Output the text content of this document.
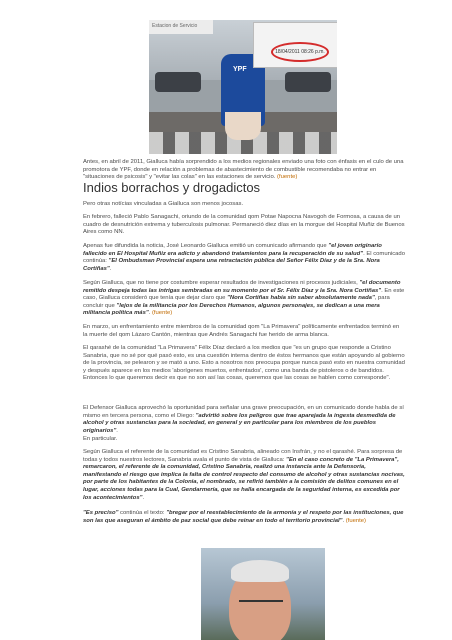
YPF
Estacion de Servicio
18/04/2011 08:26 p.m.

Antes, en abril de 2011, Gialluca había sorprendido a los medios regionales enviado una foto con énfasis en el culo de una promotora de YPF, donde en relación a problemas de abastecimiento de combustible recomendaba no entrar en "situaciones de psicosis" y "evitar las colas" en las estaciones de servicio. (fuente)

Indios borrachos y drogadictos

Pero otras notícias vinculadas a Gialluca son menos jocosas.

En febrero, falleció Pablo Sanagachi, oriundo de la comunidad qom Potae Napocna Navogoh de Formosa, a causa de un cuadro de desnutrición extrema y tuberculosis pulmonar. Permaneció diez días en la morgue del Hospital Muñiz de Buenos Aires como NN.

Apenas fue difundida la noticia, José Leonardo Gialluca emitió un comunicado afirmando que "el joven originario fallecido en El Hospital Muñiz era adicto y abandonó tratamientos para la recuperación de su salud". El comunicado continúa: "El Ombudsman Provincial espera una retractación pública del Señor Félix Díaz y de la Sra. Nora Cortiñas".

Según Gialluca, que no tiene por costumbre esperar resultados de investigaciones ni procesos judiciales, "el documento remitido despeja todas las intrigas sembradas en su momento por el Sr. Félix Díaz y la Sra. Nora Cortiñas". En este caso, Gialluca consideró que tenía que dejar claro que "Nora Cortiñas había sin saber absolutamente nada", para concluir que "lejos de la militancia por los Derechos Humanos, algunos personajes, se dedican a una mera militancia política más". (fuente)

En marzo, un enfrentamiento entre miembros de la comunidad qom "La Primavera" políticamente enfrentados terminó en la muerte del qom Lázaro Cantón, mientras que Andrés Sanagachi fue herido de arma blanca.

El qarashé de la comunidad "La Primavera" Félix Díaz declaró a los medios que "es un grupo que responde a Cristino Sanabria, que no sé por qué pasó esto, es una cuestión interna dentro de éstos hermanos que están apoyando al gobierno de la provincia, se pelearon y se mató a uno. Esto a nosotros nos preocupa porque nunca pasó esto en nuestra comunidad y después aparece en los medios 'aborígenes muertos, enfrentados', como una banda de pistoleros o de bandidos. Entonces lo que queremos decir es que no son así las cosas, queremos que las cosas se hablen como corresponde".

El Defensor Gialluca aprovechó la oportunidad para señalar una grave preocupación, en un comunicado donde habla de sí mismo en tercera persona, como el Diego: "advirtió sobre los peligros que trae aparejada la ingesta desmedida de alcohol y otras sustancias para la sociedad, en general y en particular para los miembros de los pueblos originarios".

En particular.

Según Gialluca el referente de la comunidad es Cristino Sanabria, alineado con Insfrán, y no el qarashé. Para sorpresa de todas y todos nuestros lectores, Sanabria avala el punto de vista de Gialluca: "En el caso concreto de "La Primavera", remarcaron, el referente de la comunidad, Cristino Sanabria, realizó una instancia ante la Defensoría, manifestando el riesgo que implica la falta de control respecto del consumo de alcohol y otras sustancias nocivas, por parte de los habitantes de la Colonia, el nombrado, se refirió también a la comisión de delitos comunes en el lugar, acciones todas para la Cual, Gendarmería, que se halla encargada de la seguridad interna, es excedida por los acontecimientos".

"Es preciso" continúa el texto: "bregar por el reestablecimiento de la armonía y el respeto por las instituciones, que son las que aseguran el ámbito de paz social que debe reinar en todo el territorio provincial". (fuente)
